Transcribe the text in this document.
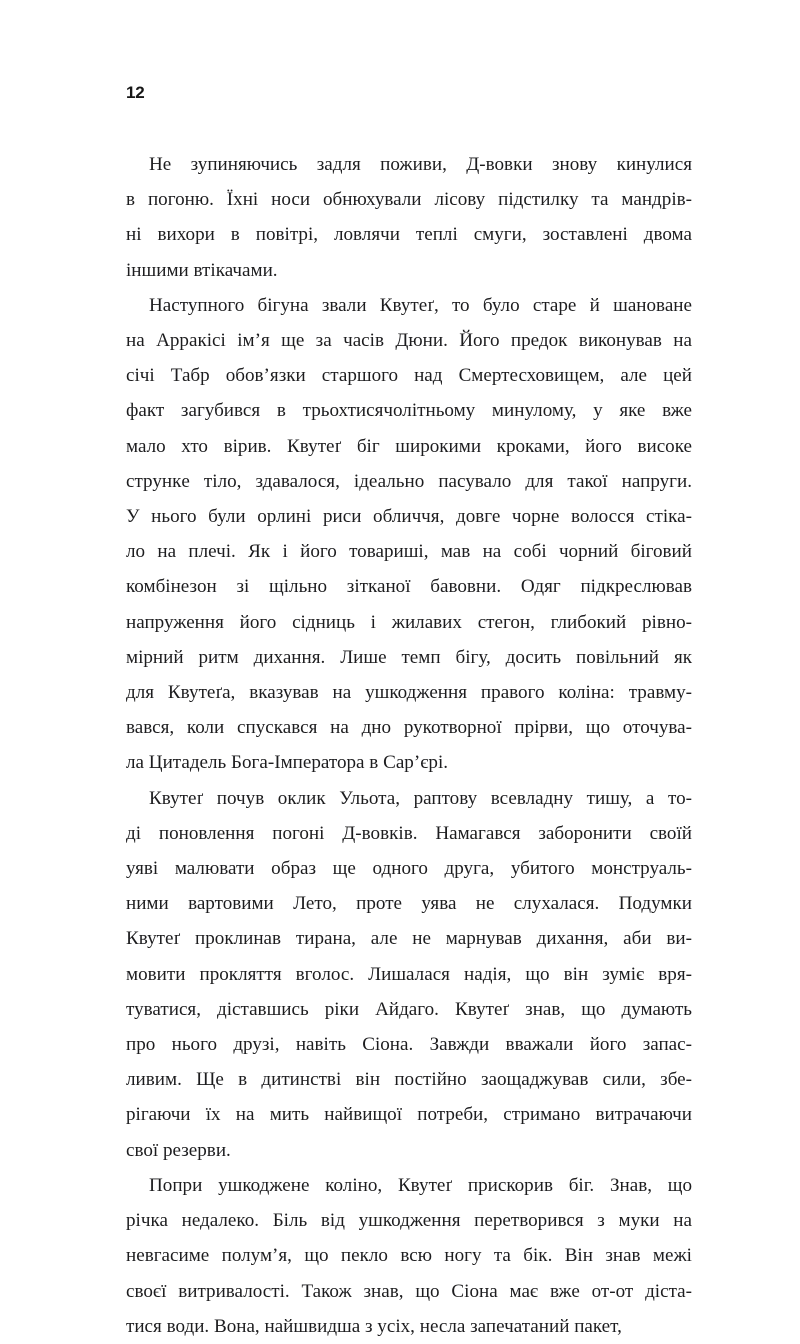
12
Не зупиняючись задля поживи, Д-вовки знову кинулися
в погоню. Їхні носи обнюхували лісову підстилку та мандрів-
ні вихори в повітрі, ловлячи теплі смуги, зоставлені двома
іншими втікачами.
Наступного бігуна звали Квутеґ, то було старе й шановане
на Арракісі ім’я ще за часів Дюни. Його предок виконував на
січі Табр обов’язки старшого над Смертесховищем, але цей
факт загубився в трьохтисячолітньому минулому, у яке вже
мало хто вірив. Квутеґ біг широкими кроками, його високе
стрункe тіло, здавалося, ідеально пасувало для такої напруги.
У нього були орлині риси обличчя, довге чорне волосся стіка-
ло на плечі. Як і його товариші, мав на собі чорний біговий
комбінезон зі щільно зітканої бавовни. Одяг підкреслював
напруження його сідниць і жилавих стегон, глибокий рівно-
мірний ритм дихання. Лише темп бігу, досить повільний як
для Квутеґа, вказував на ушкодження правого коліна: травму-
вався, коли спускався на дно рукотворної прірви, що оточува-
ла Цитадель Бога-Імператора в Сар’єрі.
Квутеґ почув оклик Ульота, раптову всевладну тишу, а то-
ді поновлення погоні Д-вовків. Намагався заборонити своїй
уяві малювати образ ще одного друга, убитого монструаль-
ними вартовими Лето, проте уява не слухалася. Подумки
Квутеґ проклинав тирана, але не марнував дихання, аби ви-
мовити прокляття вголос. Лишалася надія, що він зуміє вря-
туватися, діставшись ріки Айдаго. Квутеґ знав, що думають
про нього друзі, навіть Сіона. Завжди вважали його запас-
ливим. Ще в дитинстві він постійно заощаджував сили, збе-
рігаючи їх на мить найвищої потреби, стримано витрачаючи
свої резерви.
Попри ушкоджене коліно, Квутеґ прискорив біг. Знав, що
річка недалеко. Біль від ушкодження перетворився з муки на
невгасиме полум’я, що пекло всю ногу та бік. Він знав межі
своєї витривалості. Також знав, що Сіона має вже от-от діста-
тися води. Вона, найшвидша з усіх, несла запечатаний пакет,
